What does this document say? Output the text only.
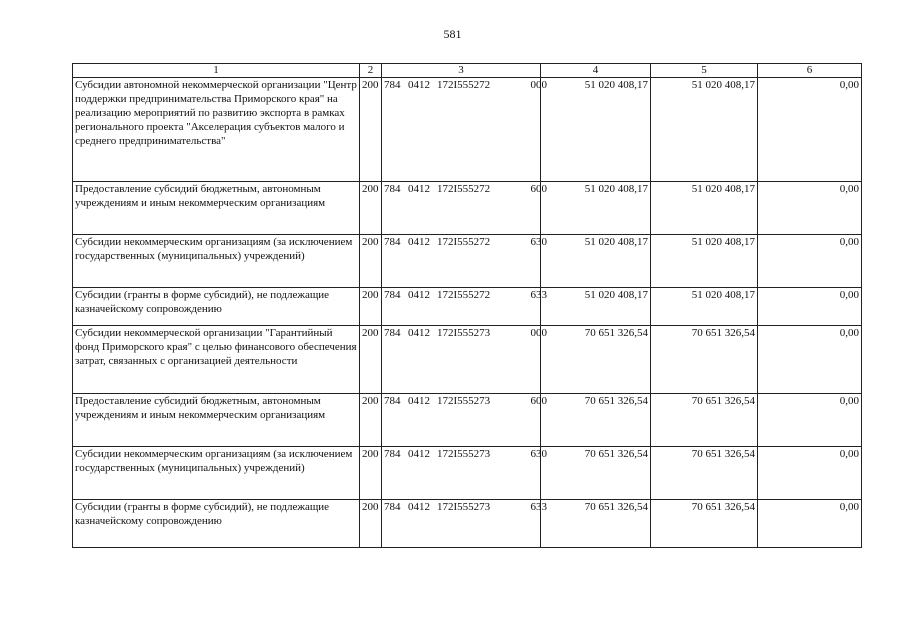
581
1	2	3	4	5	6
Субсидии автономной некоммерческой организации "Центр поддержки предпринимательства Приморского края" на реализацию мероприятий по развитию экспорта в рамках регионального проекта "Акселерация субъектов малого и среднего предпринимательства"	200	784 0412 172I555272 000	51 020 408,17	51 020 408,17	0,00
Предоставление субсидий бюджетным, автономным учреждениям и иным некоммерческим организациям	200	784 0412 172I555272 600	51 020 408,17	51 020 408,17	0,00
Субсидии некоммерческим организациям (за исключением государственных (муниципальных) учреждений)	200	784 0412 172I555272 630	51 020 408,17	51 020 408,17	0,00
Субсидии (гранты в форме субсидий), не подлежащие казначейскому сопровождению	200	784 0412 172I555272 633	51 020 408,17	51 020 408,17	0,00
Субсидии некоммерческой организации "Гарантийный фонд Приморского края" с целью финансового обеспечения затрат, связанных с организацией деятельности	200	784 0412 172I555273 000	70 651 326,54	70 651 326,54	0,00
Предоставление субсидий бюджетным, автономным учреждениям и иным некоммерческим организациям	200	784 0412 172I555273 600	70 651 326,54	70 651 326,54	0,00
Субсидии некоммерческим организациям (за исключением государственных (муниципальных) учреждений)	200	784 0412 172I555273 630	70 651 326,54	70 651 326,54	0,00
Субсидии (гранты в форме субсидий), не подлежащие казначейскому сопровождению	200	784 0412 172I555273 633	70 651 326,54	70 651 326,54	0,00
